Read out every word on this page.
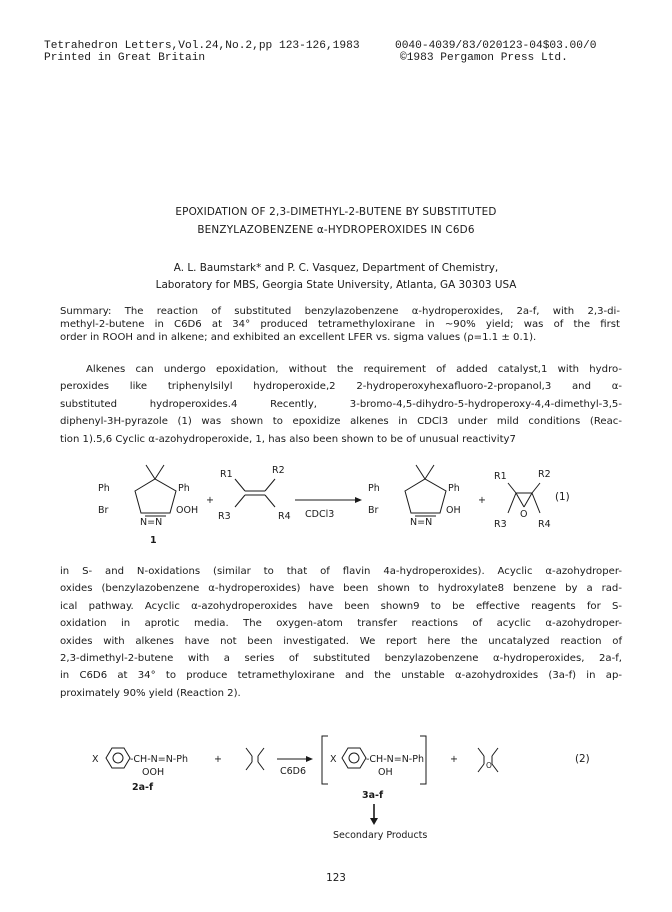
Tetrahedron Letters,Vol.24,No.2,pp 123-126,1983
Printed in Great Britain
0040-4039/83/020123-04$03.00/0
©1983 Pergamon Press Ltd.
EPOXIDATION OF 2,3-DIMETHYL-2-BUTENE BY SUBSTITUTED
BENZYLAZOBENZENE α-HYDROPEROXIDES IN C6D6
A. L. Baumstark* and P. C. Vasquez, Department of Chemistry,
Laboratory for MBS, Georgia State University, Atlanta, GA 30303 USA
Summary: The reaction of substituted benzylazobenzene α-hydroperoxides, 2a-f, with 2,3-di-
methyl-2-butene in C6D6 at 34° produced tetramethyloxirane in ~90% yield; was of the first
order in ROOH and in alkene; and exhibited an excellent LFER vs. sigma values (ρ=1.1 ± 0.1).
Alkenes can undergo epoxidation, without the requirement of added catalyst,1 with hydro-
peroxides like triphenylsilyl hydroperoxide,2 2-hydroperoxyhexafluoro-2-propanol,3 and α-
substituted hydroperoxides.4 Recently, 3-bromo-4,5-dihydro-5-hydroperoxy-4,4-dimethyl-3,5-
diphenyl-3H-pyrazole (1) was shown to epoxidize alkenes in CDCl3 under mild conditions (Reac-
tion 1).5,6 Cyclic α-azohydroperoxide, 1, has also been shown to be of unusual reactivity7
Ph	Ph
Br	OOH
N=N
1
+
R1	R2
R3	R4 CDCl3
Ph	Ph
Br	OH
N=N
+
R1	R2
O
R3	R4
(1)
in S- and N-oxidations (similar to that of flavin 4a-hydroperoxides). Acyclic α-azohydroper-
oxides (benzylazobenzene α-hydroperoxides) have been shown to hydroxylate8 benzene by a rad-
ical pathway. Acyclic α-azohydroperoxides have been shown9 to be effective reagents for S-
oxidation in aprotic media. The oxygen-atom transfer reactions of acyclic α-azohydroper-
oxides with alkenes have not been investigated. We report here the uncatalyzed reaction of
2,3-dimethyl-2-butene with a series of substituted benzylazobenzene α-hydroperoxides, 2a-f,
in C6D6 at 34° to produce tetramethyloxirane and the unstable α-azohydroxides (3a-f) in ap-
proximately 90% yield (Reaction 2).
X	-CH-N=N-Ph
OOH
2a-f
+
C6D6
X	-CH-N=N-Ph
OH
3a-f
+
O
Secondary Products
(2)
123
